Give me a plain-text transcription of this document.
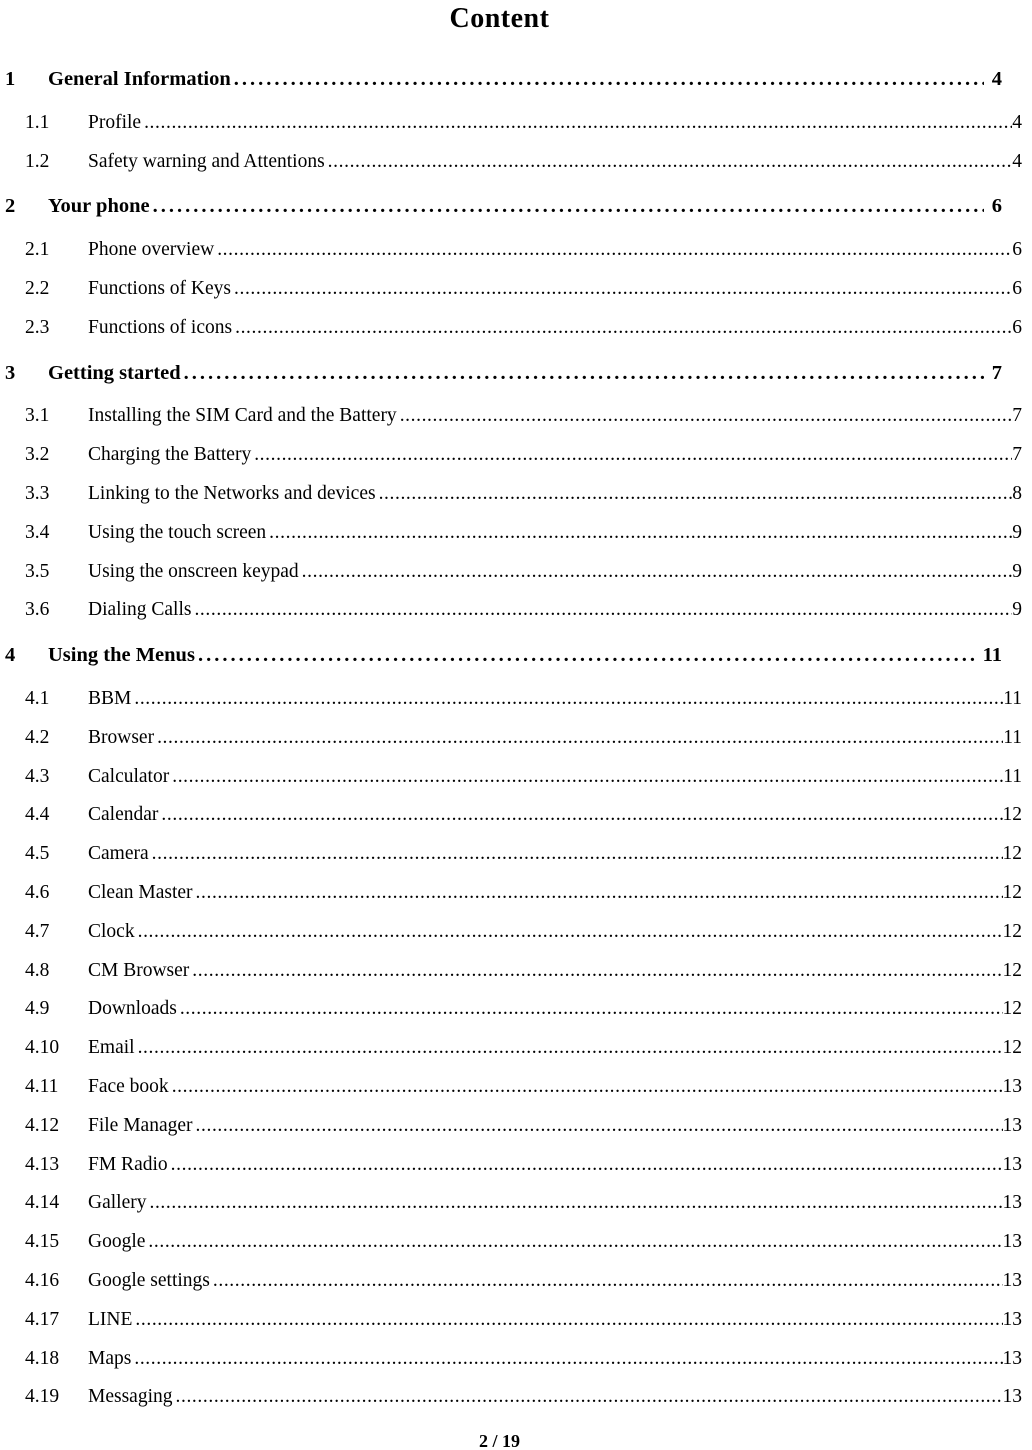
Content
1	General Information .....	4
1.1	Profile .....	4
1.2	Safety warning and Attentions .....	4
2	Your phone .....	6
2.1	Phone overview .....	6
2.2	Functions of Keys .....	6
2.3	Functions of icons .....	6
3	Getting started .....	7
3.1	Installing the SIM Card and the Battery .....	7
3.2	Charging the Battery .....	7
3.3	Linking to the Networks and devices .....	8
3.4	Using the touch screen .....	9
3.5	Using the onscreen keypad .....	9
3.6	Dialing Calls .....	9
4	Using the Menus .....	11
4.1	BBM .....	11
4.2	Browser .....	11
4.3	Calculator .....	11
4.4	Calendar .....	12
4.5	Camera .....	12
4.6	Clean Master .....	12
4.7	Clock .....	12
4.8	CM Browser .....	12
4.9	Downloads .....	12
4.10	Email .....	12
4.11	Face book .....	13
4.12	File Manager .....	13
4.13	FM Radio .....	13
4.14	Gallery .....	13
4.15	Google .....	13
4.16	Google settings .....	13
4.17	LINE .....	13
4.18	Maps .....	13
4.19	Messaging .....	13
2 / 19
